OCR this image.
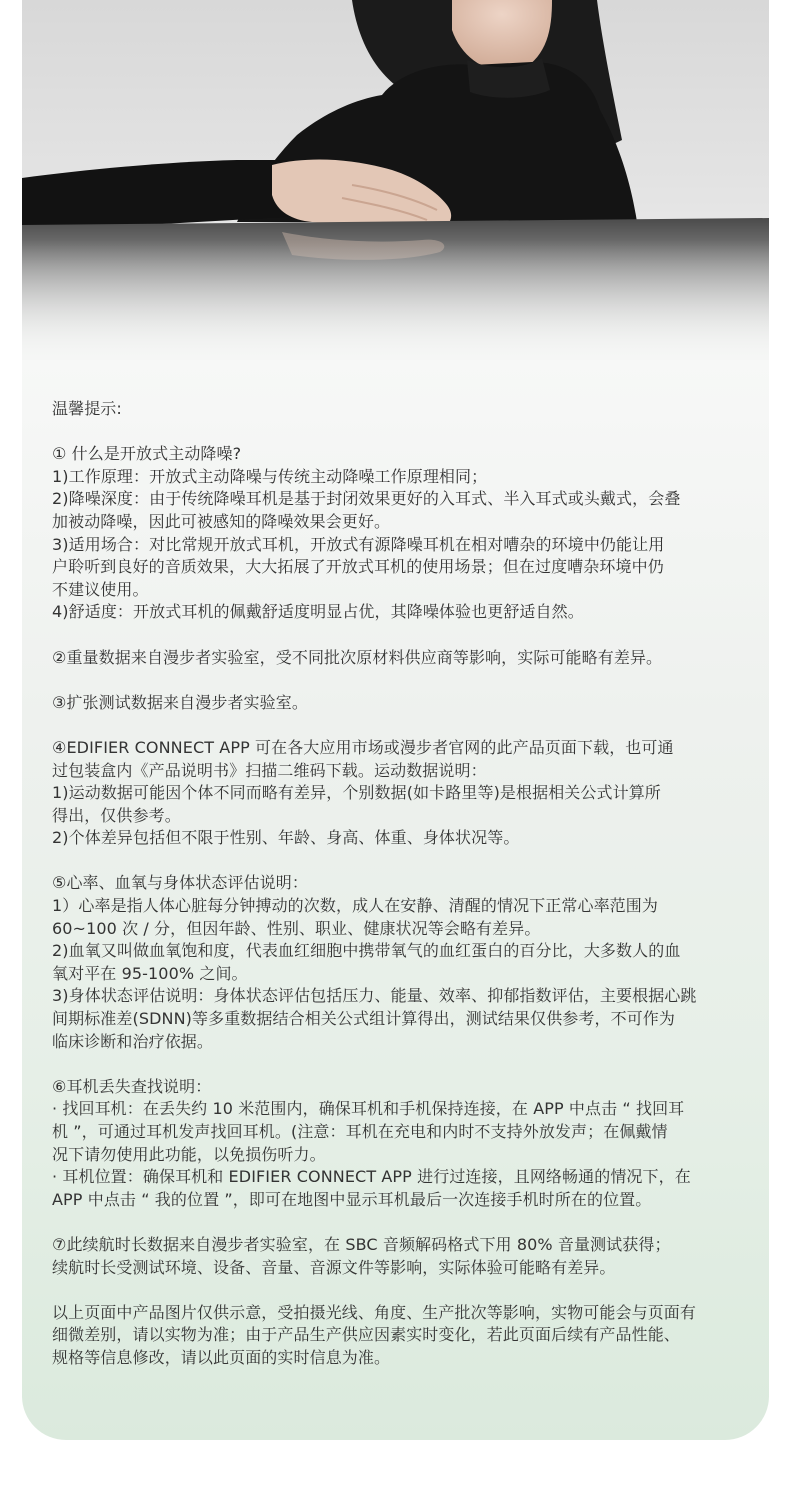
温馨提示:

① 什么是开放式主动降噪?

1)工作原理：开放式主动降噪与传统主动降噪工作原理相同；

2)降噪深度：由于传统降噪耳机是基于封闭效果更好的入耳式、半入耳式或头戴式，会叠

加被动降噪，因此可被感知的降噪效果会更好。

3)适用场合：对比常规开放式耳机，开放式有源降噪耳机在相对嘈杂的环境中仍能让用

户聆听到良好的音质效果，大大拓展了开放式耳机的使用场景；但在过度嘈杂环境中仍

不建议使用。

4)舒适度：开放式耳机的佩戴舒适度明显占优，其降噪体验也更舒适自然。

②重量数据来自漫步者实验室，受不同批次原材料供应商等影响，实际可能略有差异。

③扩张测试数据来自漫步者实验室。

④EDIFIER CONNECT APP 可在各大应用市场或漫步者官网的此产品页面下载，也可通

过包装盒内《产品说明书》扫描二维码下载。运动数据说明：

1)运动数据可能因个体不同而略有差异，个别数据(如卡路里等)是根据相关公式计算所

得出，仅供参考。

2)个体差异包括但不限于性别、年龄、身高、体重、身体状况等。

⑤心率、血氧与身体状态评估说明：

1）心率是指人体心脏每分钟搏动的次数，成人在安静、清醒的情况下正常心率范围为

60~100 次 / 分，但因年龄、性别、职业、健康状况等会略有差异。

2)血氧又叫做血氧饱和度，代表血红细胞中携带氧气的血红蛋白的百分比，大多数人的血

氧对平在 95-100% 之间。

3)身体状态评估说明：身体状态评估包括压力、能量、效率、抑郁指数评估，主要根据心跳

间期标准差(SDNN)等多重数据结合相关公式组计算得出，测试结果仅供参考，不可作为

临床诊断和治疗依据。

⑥耳机丢失查找说明：

· 找回耳机：在丢失约 10 米范围内，确保耳机和手机保持连接，在 APP 中点击 “ 找回耳

机 ”，可通过耳机发声找回耳机。(注意：耳机在充电和内时不支持外放发声；在佩戴情

况下请勿使用此功能，以免损伤听力。

· 耳机位置：确保耳机和 EDIFIER CONNECT APP 进行过连接，且网络畅通的情况下，在

APP 中点击 “ 我的位置 ”，即可在地图中显示耳机最后一次连接手机时所在的位置。

⑦此续航时长数据来自漫步者实验室，在 SBC 音频解码格式下用 80% 音量测试获得；

续航时长受测试环境、设备、音量、音源文件等影响，实际体验可能略有差异。

以上页面中产品图片仅供示意，受拍摄光线、角度、生产批次等影响，实物可能会与页面有

细微差别，请以实物为准；由于产品生产供应因素实时变化，若此页面后续有产品性能、

规格等信息修改，请以此页面的实时信息为准。
